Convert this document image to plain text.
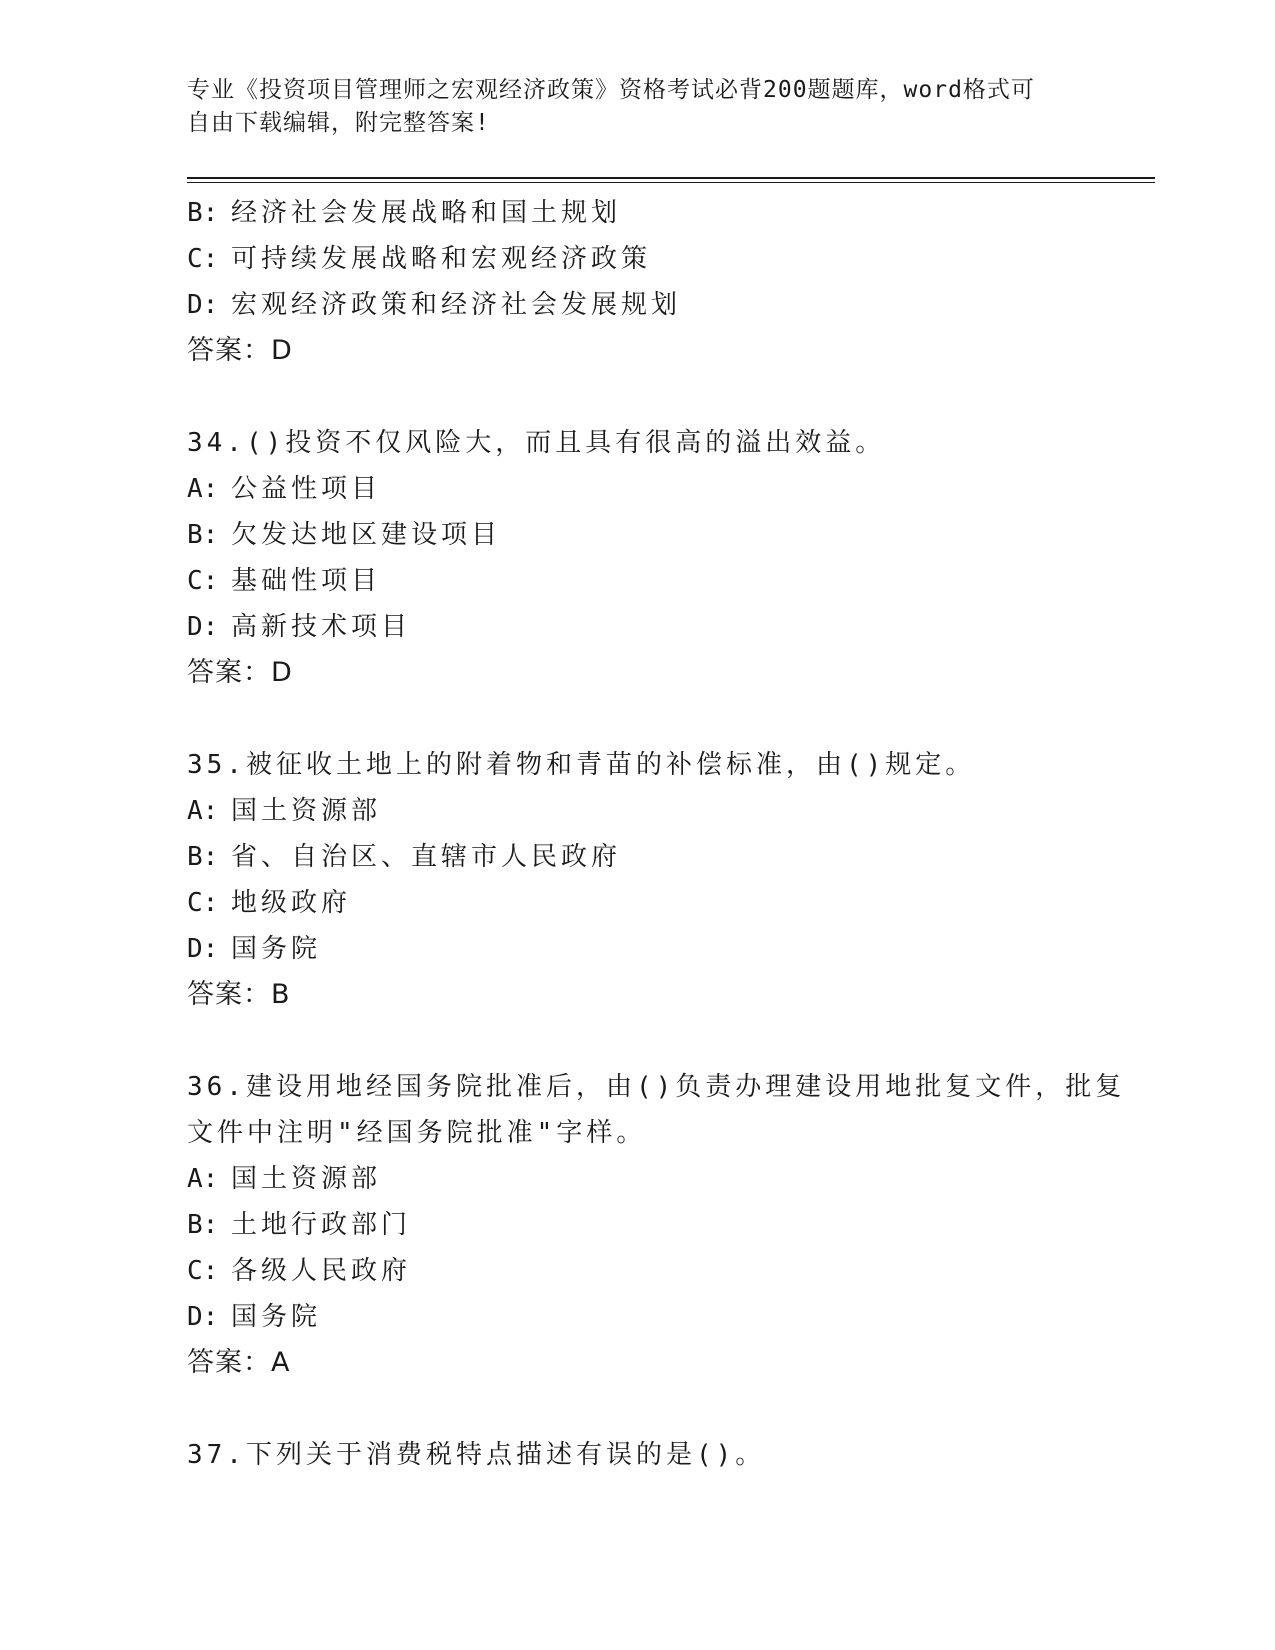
专业《投资项目管理师之宏观经济政策》资格考试必背200题题库，word格式可
自由下载编辑，附完整答案!
B: 经济社会发展战略和国土规划
C: 可持续发展战略和宏观经济政策
D: 宏观经济政策和经济社会发展规划
答案：D
34.()投资不仅风险大，而且具有很高的溢出效益。
A: 公益性项目
B: 欠发达地区建设项目
C: 基础性项目
D: 高新技术项目
答案：D
35.被征收土地上的附着物和青苗的补偿标准，由()规定。
A: 国土资源部
B: 省、自治区、直辖市人民政府
C: 地级政府
D: 国务院
答案：B
36.建设用地经国务院批准后，由()负责办理建设用地批复文件，批复
文件中注明"经国务院批准"字样。
A: 国土资源部
B: 土地行政部门
C: 各级人民政府
D: 国务院
答案：A
37.下列关于消费税特点描述有误的是()。
